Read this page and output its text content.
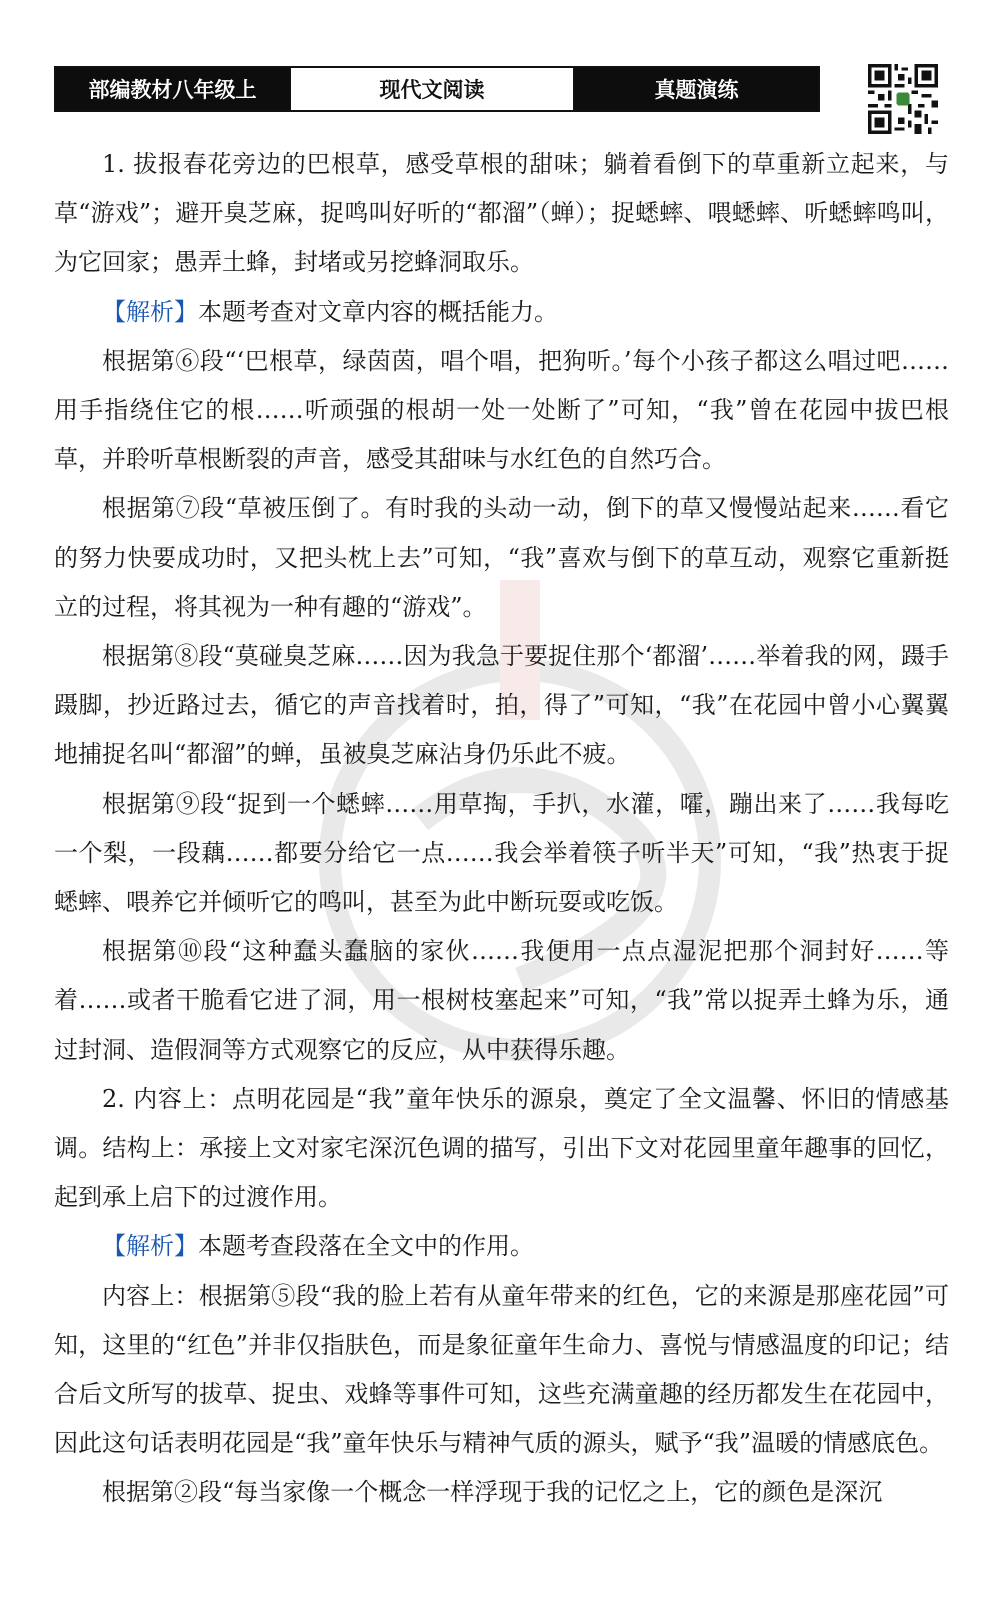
部编教材八年级上	现代文阅读	真题演练

1. 拔报春花旁边的巴根草，感受草根的甜味；躺着看倒下的草重新立起来，与草“游戏”；避开臭芝麻，捉鸣叫好听的“都溜”（蝉）；捉蟋蟀、喂蟋蟀、听蟋蟀鸣叫，为它回家；愚弄土蜂，封堵或另挖蜂洞取乐。

【解析】本题考查对文章内容的概括能力。

根据第⑥段“‘巴根草，绿茵茵，唱个唱，把狗听。’每个小孩子都这么唱过吧……用手指绕住它的根……听顽强的根胡一处一处断了”可知，“我”曾在花园中拔巴根草，并聆听草根断裂的声音，感受其甜味与水红色的自然巧合。

根据第⑦段“草被压倒了。有时我的头动一动，倒下的草又慢慢站起来……看它的努力快要成功时，又把头枕上去”可知，“我”喜欢与倒下的草互动，观察它重新挺立的过程，将其视为一种有趣的“游戏”。

根据第⑧段“莫碰臭芝麻……因为我急于要捉住那个‘都溜’……举着我的网，蹑手蹑脚，抄近路过去，循它的声音找着时，拍，得了”可知，“我”在花园中曾小心翼翼地捕捉名叫“都溜”的蝉，虽被臭芝麻沾身仍乐此不疲。

根据第⑨段“捉到一个蟋蟀……用草掏，手扒，水灌，嚯，蹦出来了……我每吃一个梨，一段藕……都要分给它一点……我会举着筷子听半天”可知，“我”热衷于捉蟋蟀、喂养它并倾听它的鸣叫，甚至为此中断玩耍或吃饭。

根据第⑩段“这种蠢头蠢脑的家伙……我便用一点点湿泥把那个洞封好……等着……或者干脆看它进了洞，用一根树枝塞起来”可知，“我”常以捉弄土蜂为乐，通过封洞、造假洞等方式观察它的反应，从中获得乐趣。

2. 内容上：点明花园是“我”童年快乐的源泉，奠定了全文温馨、怀旧的情感基调。结构上：承接上文对家宅深沉色调的描写，引出下文对花园里童年趣事的回忆，起到承上启下的过渡作用。

【解析】本题考查段落在全文中的作用。

内容上：根据第⑤段“我的脸上若有从童年带来的红色，它的来源是那座花园”可知，这里的“红色”并非仅指肤色，而是象征童年生命力、喜悦与情感温度的印记；结合后文所写的拔草、捉虫、戏蜂等事件可知，这些充满童趣的经历都发生在花园中，因此这句话表明花园是“我”童年快乐与精神气质的源头，赋予“我”温暖的情感底色。

根据第②段“每当家像一个概念一样浮现于我的记忆之上，它的颜色是深沉
